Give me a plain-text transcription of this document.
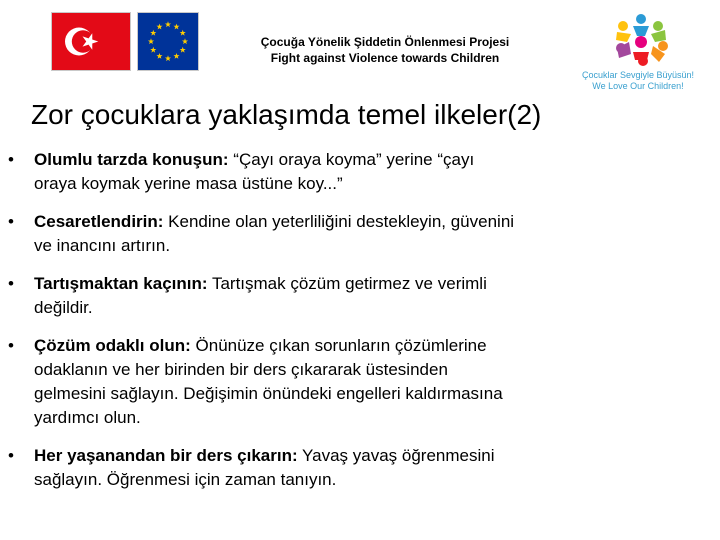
Çocuğa Yönelik Şiddetin Önlenmesi Projesi
Fight against Violence towards Children
Çocuklar Sevgiyle Büyüsün!
We Love Our Children!
Zor çocuklara yaklaşımda temel ilkeler(2)
•	Olumlu tarzda konuşun: “Çayı oraya koyma” yerine “çayı
oraya koymak yerine masa üstüne koy...”
•	Cesaretlendirin: Kendine olan yeterliliğini destekleyin, güvenini
ve inancını artırın.
•	Tartışmaktan kaçının: Tartışmak çözüm getirmez ve verimli
değildir.
•	Çözüm odaklı olun: Önünüze çıkan sorunların çözümlerine
odaklanın ve her birinden bir ders çıkararak üstesinden
gelmesini sağlayın. Değişimin önündeki engelleri kaldırmasına
yardımcı olun.
•	Her yaşanandan bir ders çıkarın: Yavaş yavaş öğrenmesini
sağlayın. Öğrenmesi için zaman tanıyın.
